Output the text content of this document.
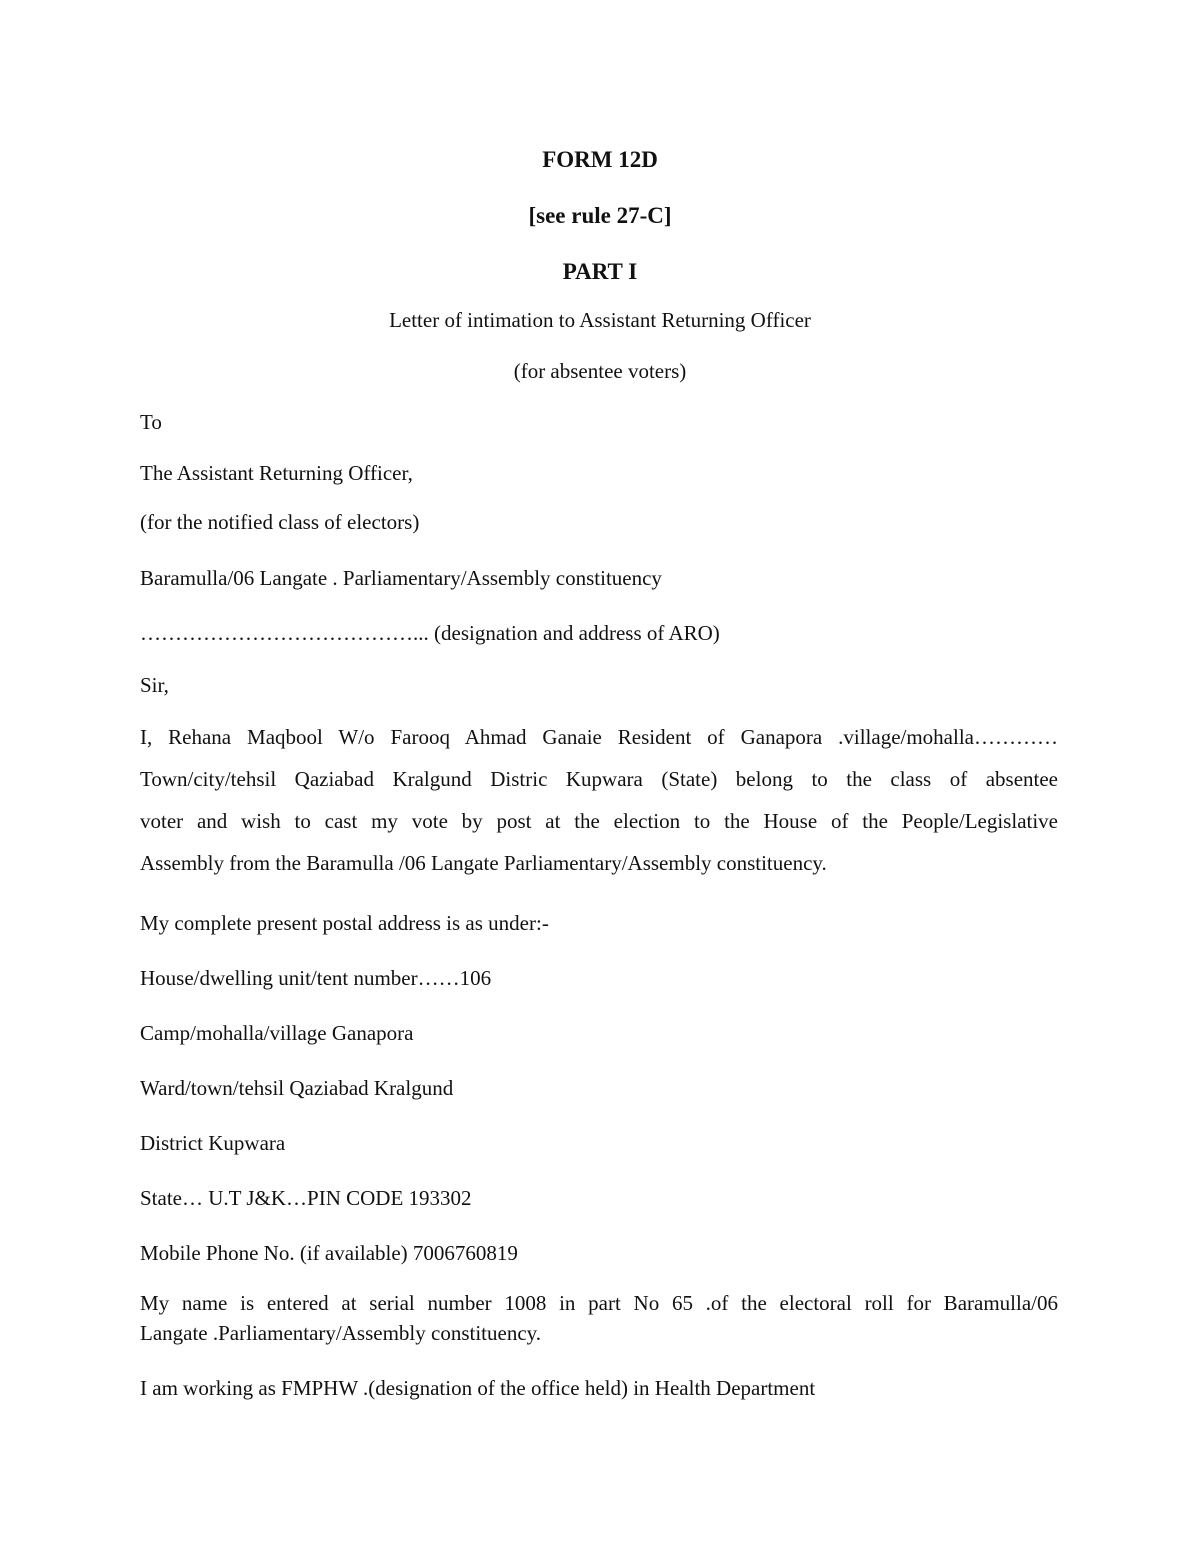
FORM 12D
[see rule 27-C]
PART I
Letter of intimation to Assistant Returning Officer
(for absentee voters)
To
The Assistant Returning Officer,
(for the notified class of electors)
Baramulla/06 Langate . Parliamentary/Assembly constituency
…………………………………... (designation and address of ARO)
Sir,
I, Rehana Maqbool W/o Farooq Ahmad Ganaie Resident of Ganapora .village/mohalla…………
Town/city/tehsil Qaziabad Kralgund Distric Kupwara (State) belong to the class of absentee
voter and wish to cast my vote by post at the election to the House of the People/Legislative
Assembly from the Baramulla /06 Langate Parliamentary/Assembly constituency.
My complete present postal address is as under:-
House/dwelling unit/tent number……106
Camp/mohalla/village Ganapora
Ward/town/tehsil Qaziabad Kralgund
District Kupwara
State… U.T J&K…PIN CODE 193302
Mobile Phone No. (if available) 7006760819
My name is entered at serial number 1008 in part No 65 .of the electoral roll for Baramulla/06
Langate .Parliamentary/Assembly constituency.
I am working as FMPHW .(designation of the office held) in Health Department
